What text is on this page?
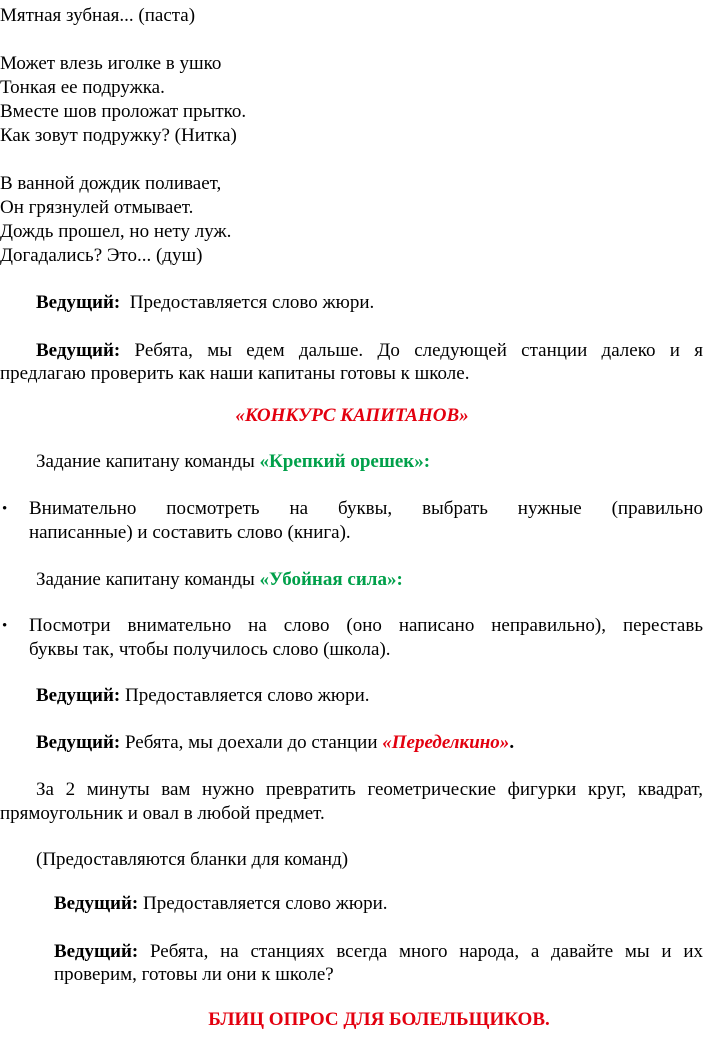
Мятная зубная... (паста)
Может влезь иголке в ушко
Тонкая ее подружка.
Вместе шов проложат прытко.
Как зовут подружку? (Нитка)
В ванной дождик поливает,
Он грязнулей отмывает.
Дождь прошел, но нету луж.
Догадались? Это... (душ)
Ведущий: Предоставляется слово жюри.
Ведущий: Ребята, мы едем дальше. До следующей станции далеко и я
предлагаю проверить как наши капитаны готовы к школе.
«КОНКУРС КАПИТАНОВ»
Задание капитану команды «Крепкий орешек»:
• Внимательно посмотреть на буквы, выбрать нужные (правильно
написанные) и составить слово (книга).
Задание капитану команды «Убойная сила»:
• Посмотри внимательно на слово (оно написано неправильно), переставь
буквы так, чтобы получилось слово (школа).
Ведущий: Предоставляется слово жюри.
Ведущий: Ребята, мы доехали до станции «Переделкино».
За 2 минуты вам нужно превратить геометрические фигурки круг, квадрат,
прямоугольник и овал в любой предмет.
(Предоставляются бланки для команд)
Ведущий: Предоставляется слово жюри.
Ведущий: Ребята, на станциях всегда много народа, а давайте мы и их
проверим, готовы ли они к школе?
БЛИЦ ОПРОС ДЛЯ БОЛЕЛЬЩИКОВ.
